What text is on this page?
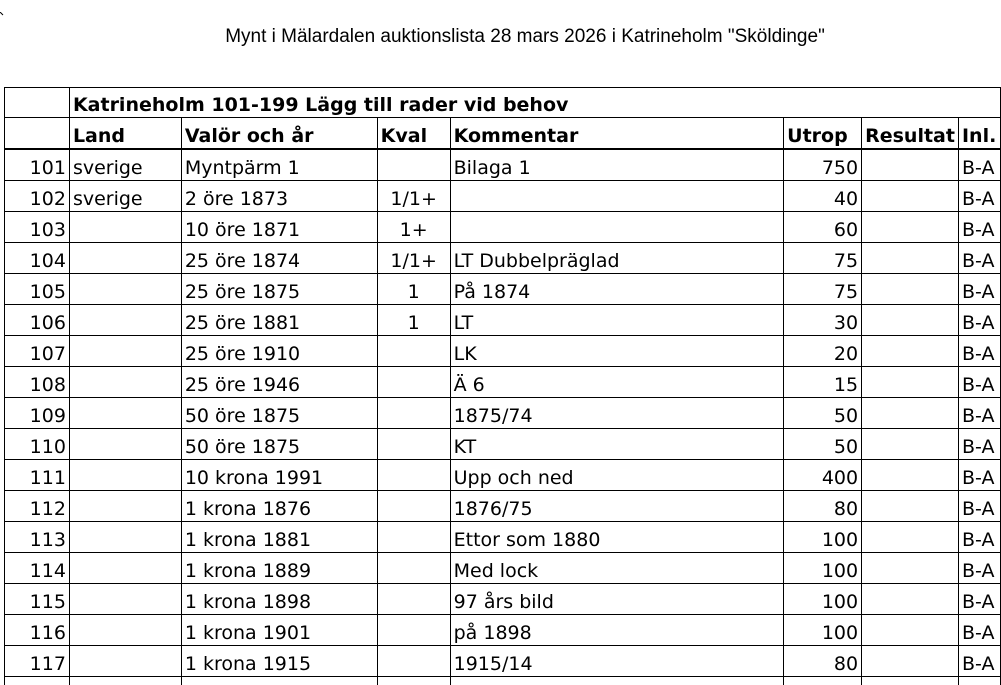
Mynt i Mälardalen auktionslista 28 mars 2026 i Katrineholm "Sköldinge"
	Katrineholm 101-199 Lägg till rader vid behov						
	Land	Valör och år	Kval	Kommentar	Utrop	Resultat	Inl.
101	sverige	Myntpärm 1		Bilaga 1	750		B-A
102	sverige	2 öre 1873	1/1+		40		B-A
103		10 öre 1871	1+		60		B-A
104		25 öre 1874	1/1+	LT Dubbelpräglad	75		B-A
105		25 öre 1875	1	På 1874	75		B-A
106		25 öre 1881	1	LT	30		B-A
107		25 öre 1910		LK	20		B-A
108		25 öre 1946		Ä 6	15		B-A
109		50 öre 1875		1875/74	50		B-A
110		50 öre 1875		KT	50		B-A
111		10 krona 1991		Upp och ned	400		B-A
112		1 krona 1876		1876/75	80		B-A
113		1 krona 1881		Ettor som 1880	100		B-A
114		1 krona 1889		Med lock	100		B-A
115		1 krona 1898		97 års bild	100		B-A
116		1 krona 1901		på 1898	100		B-A
117		1 krona 1915		1915/14	80		B-A
